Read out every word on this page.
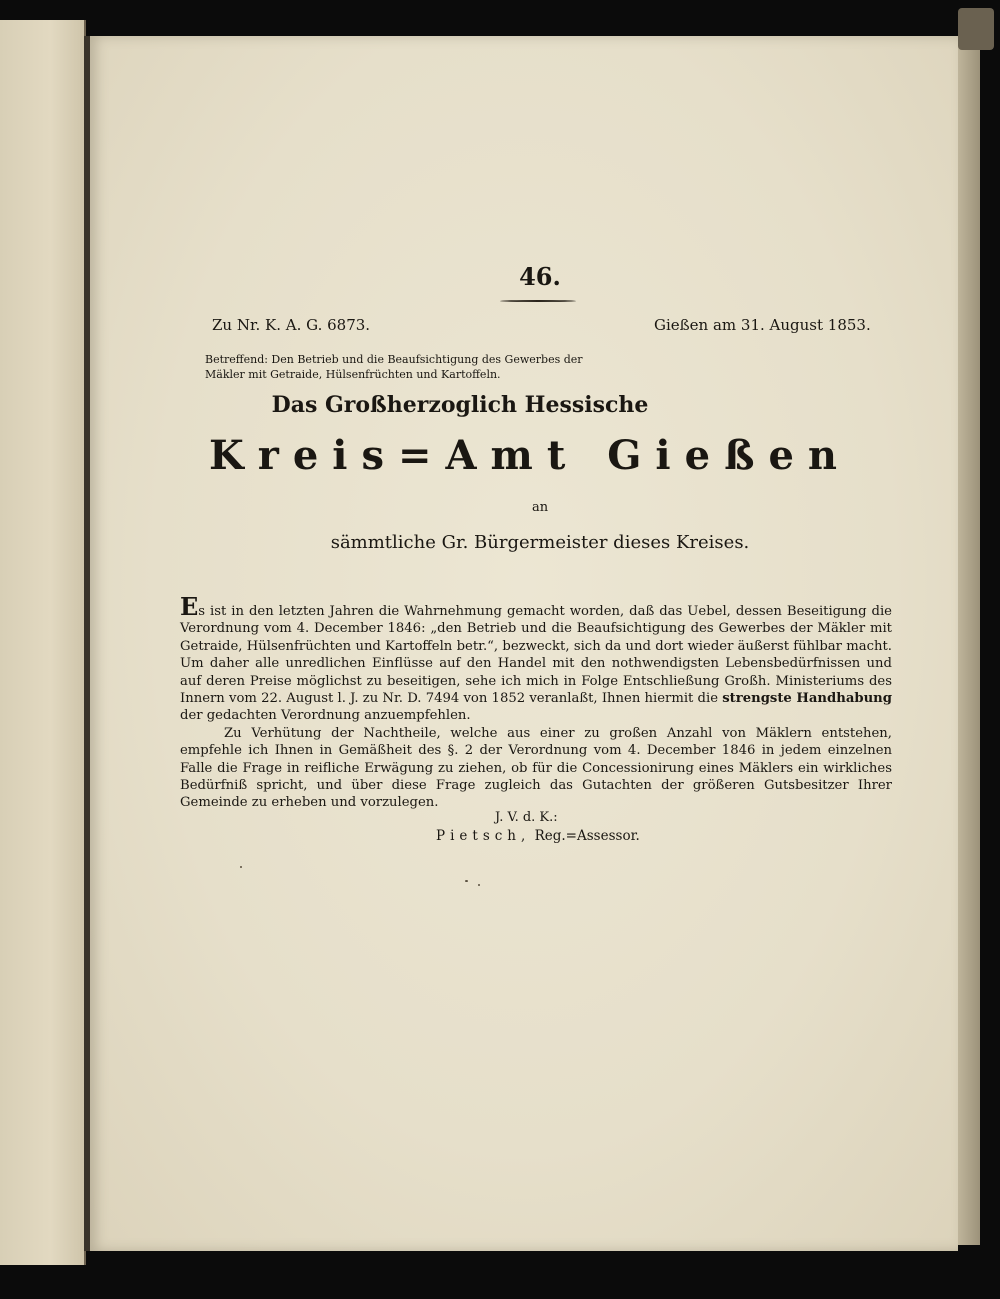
46.
Zu Nr. K. A. G. 6873.	Gießen am 31. August 1853.
Betreffend: Den Betrieb und die Beaufsichtigung des Gewerbes der Mäkler mit Getraide, Hülsenfrüchten und Kartoffeln.
Das Großherzoglich Hessische
Kreis=Amt Gießen
an
sämmtliche Gr. Bürgermeister dieses Kreises.

Es ist in den letzten Jahren die Wahrnehmung gemacht worden, daß das Uebel, dessen Beseitigung die Verordnung vom 4. December 1846: „den Betrieb und die Beaufsichtigung des Gewerbes der Mäkler mit Getraide, Hülsenfrüchten und Kartoffeln betr.“, bezweckt, sich da und dort wieder äußerst fühlbar macht. Um daher alle unredlichen Einflüsse auf den Handel mit den nothwendigsten Lebensbedürfnissen und auf deren Preise möglichst zu beseitigen, sehe ich mich in Folge Entschließung Großh. Ministeriums des Innern vom 22. August l. J. zu Nr. D. 7494 von 1852 veranlaßt, Ihnen hiermit die strengste Handhabung der gedachten Verordnung anzuempfehlen.

Zu Verhütung der Nachtheile, welche aus einer zu großen Anzahl von Mäklern entstehen, empfehle ich Ihnen in Gemäßheit des §. 2 der Verordnung vom 4. December 1846 in jedem einzelnen Falle die Frage in reifliche Erwägung zu ziehen, ob für die Concessionirung eines Mäklers ein wirkliches Bedürfniß spricht, und über diese Frage zugleich das Gutachten der größeren Gutsbesitzer Ihrer Gemeinde zu erheben und vorzulegen.

J. V. d. K.:
Pietsch, Reg.=Assessor.
